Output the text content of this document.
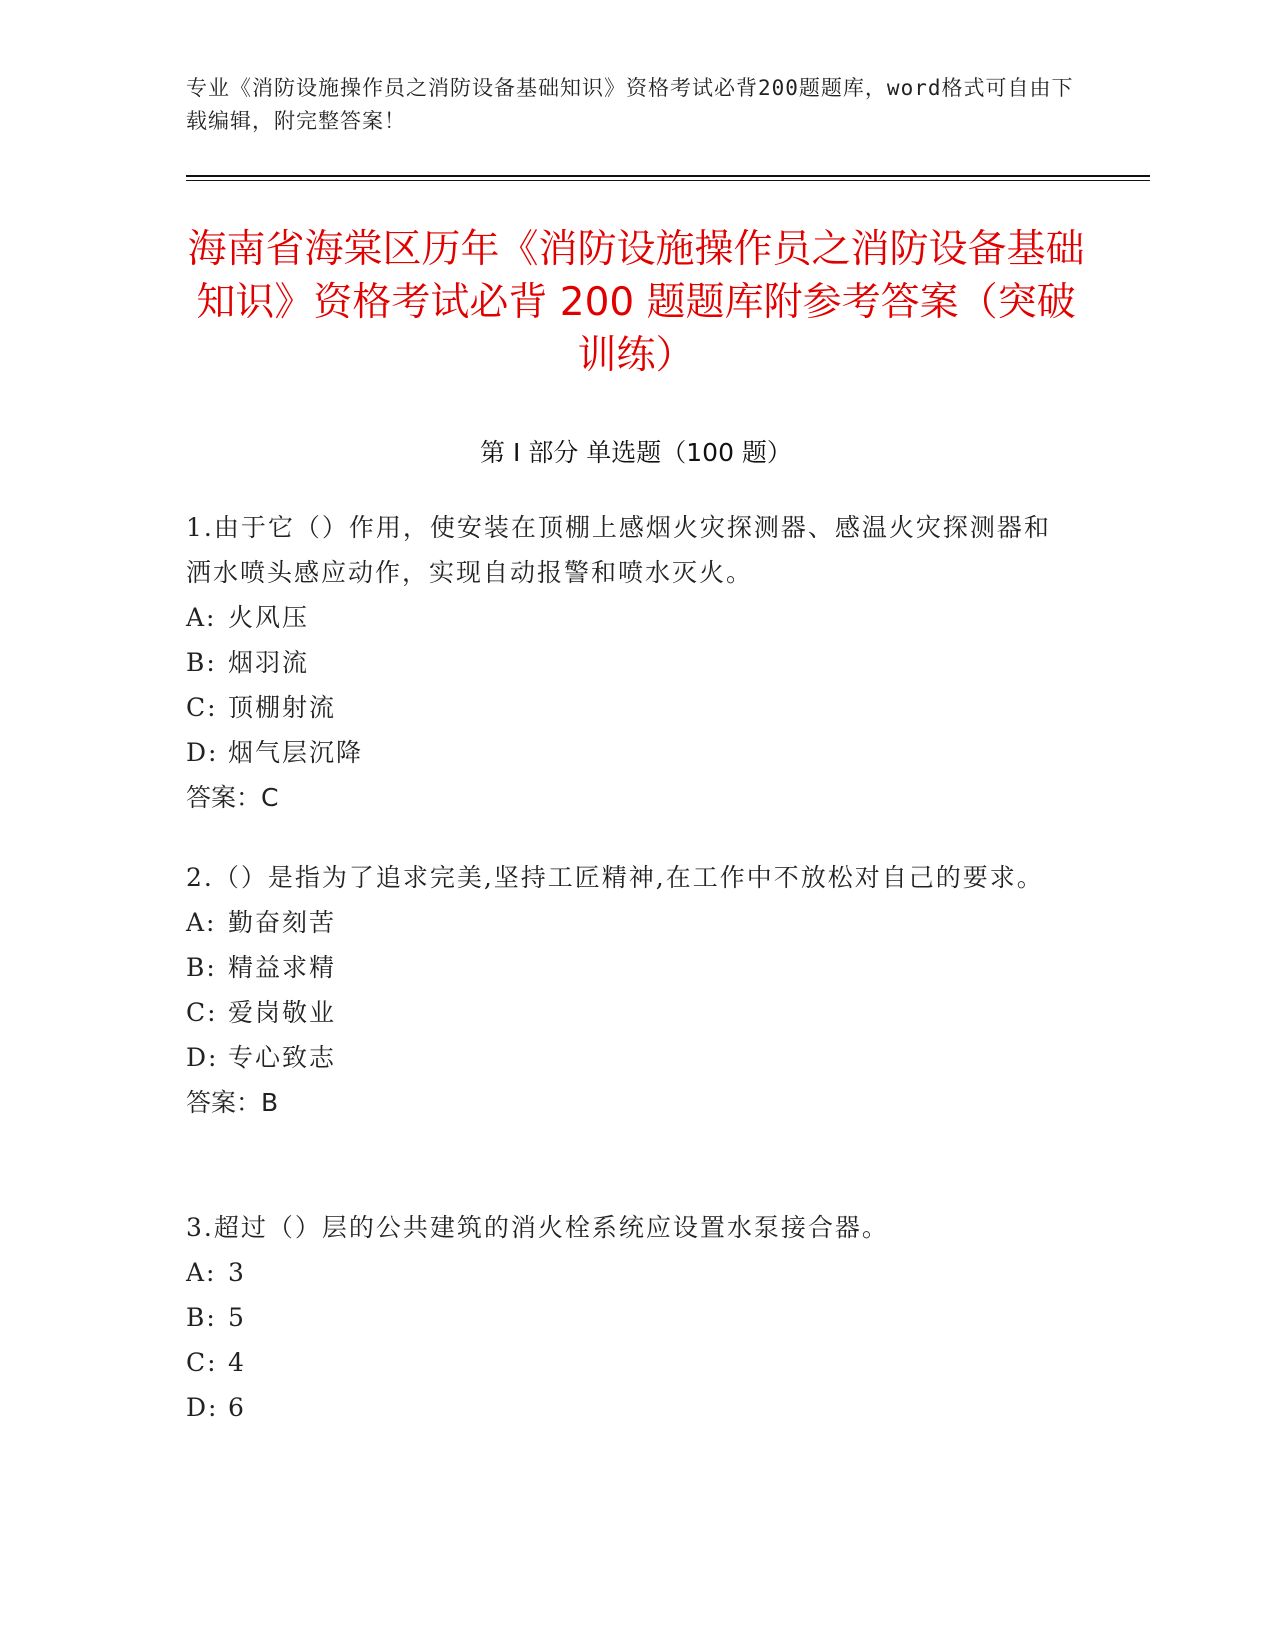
专业《消防设施操作员之消防设备基础知识》资格考试必背200题题库，word格式可自由下载编辑，附完整答案！
海南省海棠区历年《消防设施操作员之消防设备基础知识》资格考试必背 200 题题库附参考答案（突破训练）
第 I 部分 单选题（100 题）
1.由于它（）作用，使安装在顶棚上感烟火灾探测器、感温火灾探测器和洒水喷头感应动作，实现自动报警和喷水灭火。
A: 火风压
B: 烟羽流
C: 顶棚射流
D: 烟气层沉降
答案：C
2.（）是指为了追求完美,坚持工匠精神,在工作中不放松对自己的要求。
A: 勤奋刻苦
B: 精益求精
C: 爱岗敬业
D: 专心致志
答案：B
3.超过（）层的公共建筑的消火栓系统应设置水泵接合器。
A: 3
B: 5
C: 4
D: 6
